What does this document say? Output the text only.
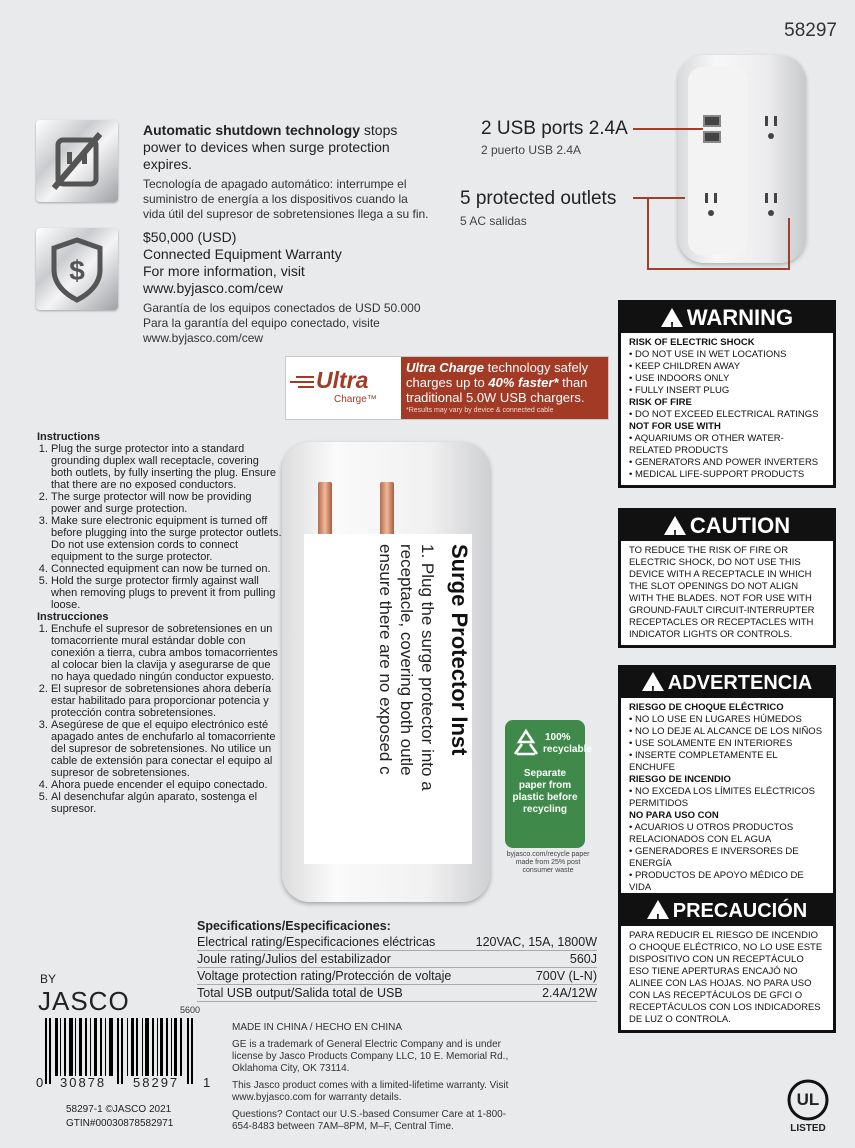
58297
Automatic shutdown technology stops power to devices when surge protection expires.
Tecnología de apagado automático: interrumpe el suministro de energía a los dispositivos cuando la vida útil del supresor de sobretensiones llega a su fin.
$
$50,000 (USD)
Connected Equipment Warranty
For more information, visit
www.byjasco.com/cew
Garantía de los equipos conectados de USD 50.000
Para la garantía del equipo conectado, visite
www.byjasco.com/cew
2 USB ports 2.4A
2 puerto USB 2.4A
5 protected outlets
5 AC salidas
Ultra
Charge™
Ultra Charge technology safely charges up to 40% faster* than traditional 5.0W USB chargers.
*Results may vary by device & connected cable
Instructions
1. Plug the surge protector into a standard grounding duplex wall receptacle, covering both outlets, by fully inserting the plug. Ensure that there are no exposed conductors.
2. The surge protector will now be providing power and surge protection.
3. Make sure electronic equipment is turned off before plugging into the surge protector outlets. Do not use extension cords to connect equipment to the surge protector.
4. Connected equipment can now be turned on.
5. Hold the surge protector firmly against wall when removing plugs to prevent it from pulling loose.
Instrucciones
1. Enchufe el supresor de sobretensiones en un tomacorriente mural estándar doble con conexión a tierra, cubra ambos tomacorrientes al colocar bien la clavija y asegurarse de que no haya quedado ningún conductor expuesto.
2. El supresor de sobretensiones ahora debería estar habilitado para proporcionar potencia y protección contra sobretensiones.
3. Asegúrese de que el equipo electrónico esté apagado antes de enchufarlo al tomacorriente del supresor de sobretensiones. No utilice un cable de extensión para conectar el equipo al supresor de sobretensiones.
4. Ahora puede encender el equipo conectado.
5. Al desenchufar algún aparato, sostenga el supresor.
Surge Protector Inst
1. Plug the surge protector into a
receptacle, covering both outle
ensure there are no exposed c	100%
recyclable
Separate paper from plastic before recycling
byjasco.com/recycle paper made from 25% post consumer waste
! WARNING
RISK OF ELECTRIC SHOCK
• DO NOT USE IN WET LOCATIONS
• KEEP CHILDREN AWAY
• USE INDOORS ONLY
• FULLY INSERT PLUG
RISK OF FIRE
• DO NOT EXCEED ELECTRICAL RATINGS
NOT FOR USE WITH
• AQUARIUMS OR OTHER WATER-RELATED PRODUCTS
• GENERATORS AND POWER INVERTERS
• MEDICAL LIFE-SUPPORT PRODUCTS
! CAUTION
TO REDUCE THE RISK OF FIRE OR ELECTRIC SHOCK, DO NOT USE THIS DEVICE WITH A RECEPTACLE IN WHICH THE SLOT OPENINGS DO NOT ALIGN WITH THE BLADES. NOT FOR USE WITH GROUND-FAULT CIRCUIT-INTERRUPTER RECEPTACLES OR RECEPTACLES WITH INDICATOR LIGHTS OR CONTROLS.
! ADVERTENCIA
RIESGO DE CHOQUE ELÉCTRICO
• NO LO USE EN LUGARES HÚMEDOS
• NO LO DEJE AL ALCANCE DE LOS NIÑOS
• USE SOLAMENTE EN INTERIORES
• INSERTE COMPLETAMENTE EL ENCHUFE
RIESGO DE INCENDIO
• NO EXCEDA LOS LÍMITES ELÉCTRICOS PERMITIDOS
NO PARA USO CON
• ACUARIOS U OTROS PRODUCTOS RELACIONADOS CON EL AGUA
• GENERADORES E INVERSORES DE ENERGÍA
• PRODUCTOS DE APOYO MÉDICO DE VIDA
! PRECAUCIÓN
PARA REDUCIR EL RIESGO DE INCENDIO O CHOQUE ELÉCTRICO, NO LO USE ESTE DISPOSITIVO CON UN RECEPTÁCULO ESO TIENE APERTURAS ENCAJÓ NO ALINEE CON LAS HOJAS. NO PARA USO CON LAS RECEPTÁCULOS DE GFCI O RECEPTÁCULOS CON LOS INDICADORES DE LUZ O CONTROLA.
Specifications/Especificaciones:
Electrical rating/Especificaciones eléctricas	120VAC, 15A, 1800W
Joule rating/Julios del estabilizador	560J
Voltage protection rating/Protección de voltaje	700V (L-N)
Total USB output/Salida total de USB	2.4A/12W
BY
JASCO	5600
0 30878 58297 1
58297-1 ©JASCO 2021
GTIN#00030878582971

MADE IN CHINA / HECHO EN CHINA

GE is a trademark of General Electric Company and is under license by Jasco Products Company LLC, 10 E. Memorial Rd., Oklahoma City, OK 73114.

This Jasco product comes with a limited-lifetime warranty. Visit www.byjasco.com for warranty details.

Questions? Contact our U.S.-based Consumer Care at 1-800-654-8483 between 7AM–8PM, M–F, Central Time.

UL
LISTED
